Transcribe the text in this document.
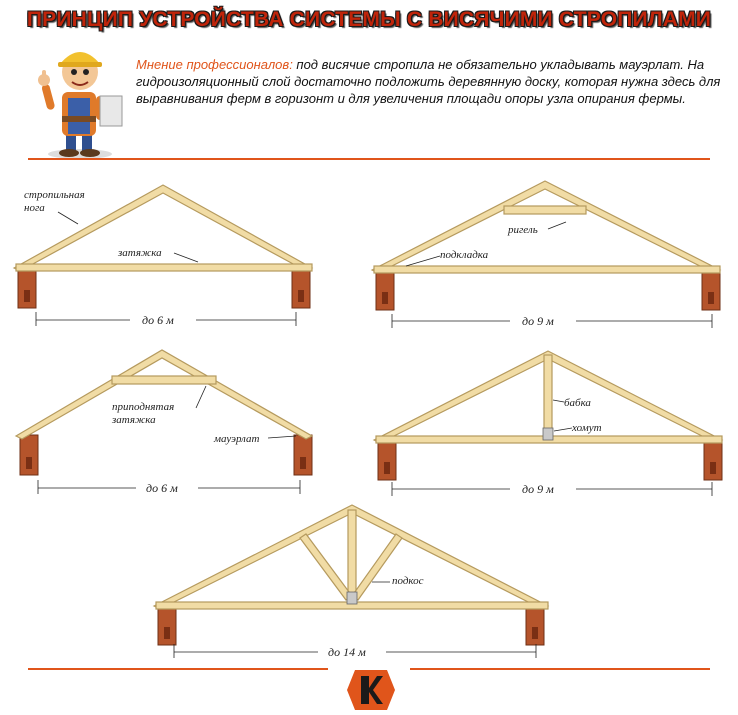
ПРИНЦИП УСТРОЙСТВА СИСТЕМЫ С ВИСЯЧИМИ СТРОПИЛАМИ
Мнение профессионалов: под висячие стропила не обязательно укладывать мауэрлат. На гидроизоляционный слой достаточно подложить деревянную доску, которая нужна здесь для выравнивания ферм в горизонт и для увеличения площади опоры узла опирания фермы.
стропильная
нога
затяжка
до 6 м
ригель
подкладка
до 9 м
приподнятая
затяжка
мауэрлат
до 6 м
бабка
хомут
до 9 м
подкос
до 14 м
